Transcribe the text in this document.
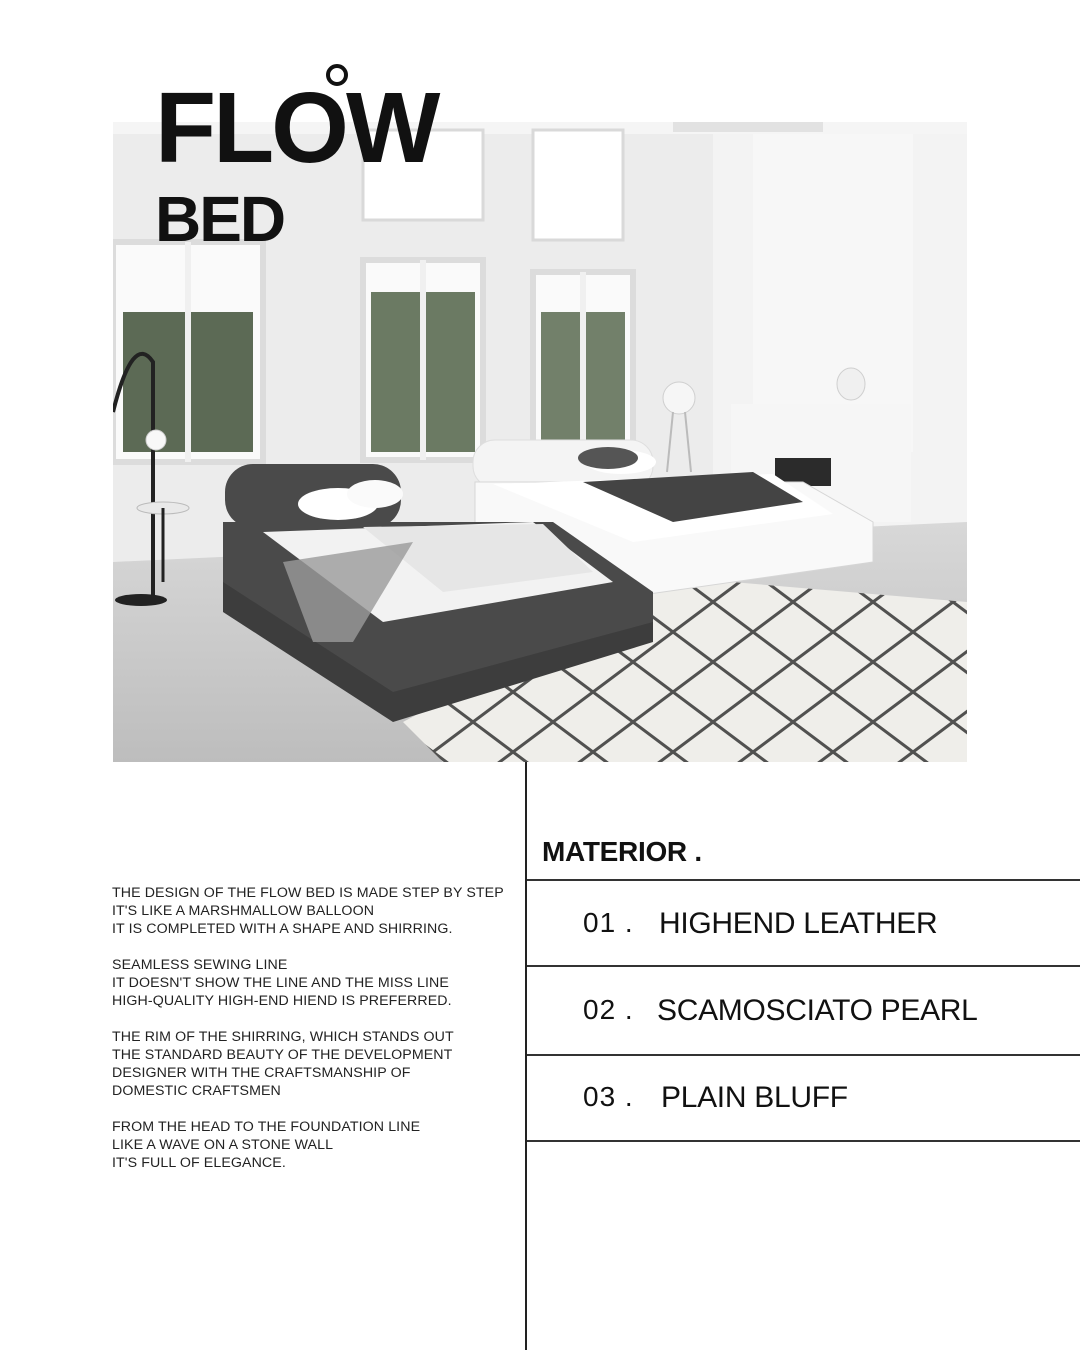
FLOW
BED

THE DESIGN OF THE FLOW BED IS MADE STEP BY STEP
IT'S LIKE A MARSHMALLOW BALLOON
IT IS COMPLETED WITH A SHAPE AND SHIRRING.

SEAMLESS SEWING LINE
IT DOESN'T SHOW THE LINE AND THE MISS LINE
HIGH-QUALITY HIGH-END HIEND IS PREFERRED.

THE RIM OF THE SHIRRING, WHICH STANDS OUT
THE STANDARD BEAUTY OF THE DEVELOPMENT
DESIGNER WITH THE CRAFTSMANSHIP OF
DOMESTIC CRAFTSMEN

FROM THE HEAD TO THE FOUNDATION LINE
LIKE A WAVE ON A STONE WALL
IT'S FULL OF ELEGANCE.

MATERIOR .
01 . HIGHEND LEATHER
02 . SCAMOSCIATO PEARL
03 . PLAIN BLUFF
